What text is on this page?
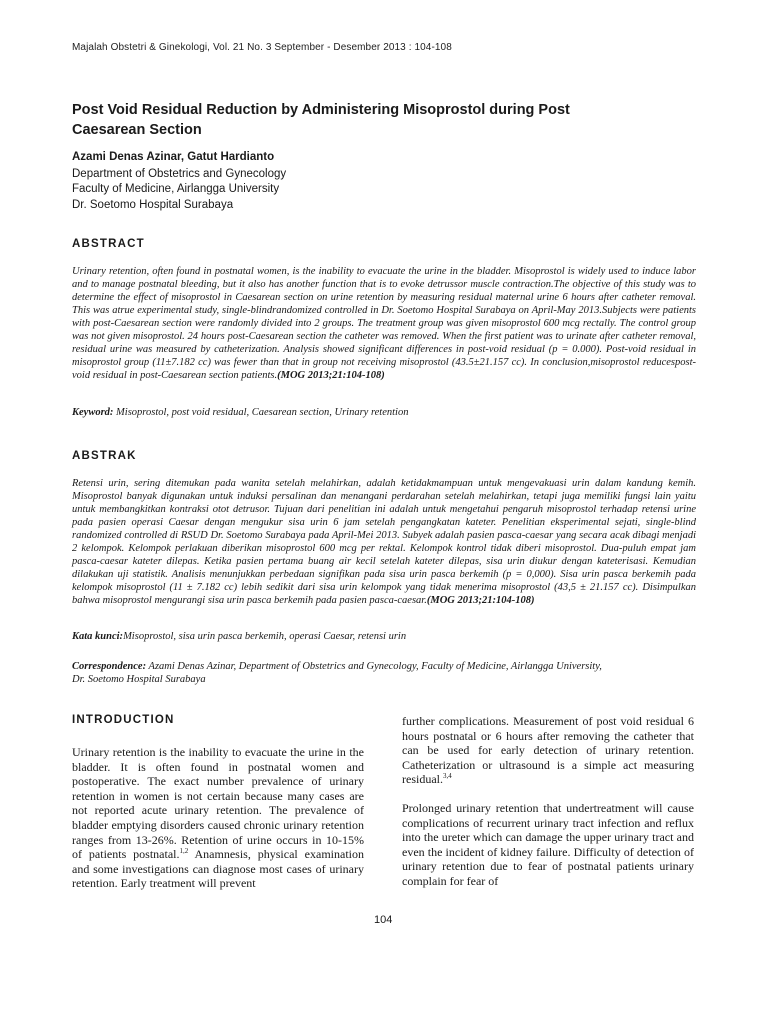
Majalah Obstetri & Ginekologi, Vol. 21 No. 3 September - Desember 2013 : 104-108
Post Void Residual Reduction by Administering Misoprostol during Post Caesarean Section
Azami Denas Azinar, Gatut Hardianto
Department of Obstetrics and Gynecology
Faculty of Medicine, Airlangga University
Dr. Soetomo Hospital Surabaya
ABSTRACT

Urinary retention, often found in postnatal women, is the inability to evacuate the urine in the bladder. Misoprostol is widely used to induce labor and to manage postnatal bleeding, but it also has another function that is to evoke detrussor muscle contraction.The objective of this study was to determine the effect of misoprostol in Caesarean section on urine retention by measuring residual maternal urine 6 hours after catheter removal. This was atrue experimental study, single-blindrandomized controlled in Dr. Soetomo Hospital Surabaya on April-May 2013.Subjects were patients with post-Caesarean section were randomly divided into 2 groups. The treatment group was given misoprostol 600 mcg rectally. The control group was not given misoprostol. 24 hours post-Caesarean section the catheter was removed. When the first patient was to urinate after catheter removal, residual urine was measured by catheterization. Analysis showed significant differences in post-void residual (p = 0.000). Post-void residual in misoprostol group (11±7.182 cc) was fewer than that in group not receiving misoprostol (43.5±21.157 cc). In conclusion,misoprostol reducespost-void residual in post-Caesarean section patients.(MOG 2013;21:104-108)

Keyword: Misoprostol, post void residual, Caesarean section, Urinary retention
ABSTRAK

Retensi urin, sering ditemukan pada wanita setelah melahirkan, adalah ketidakmampuan untuk mengevakuasi urin dalam kandung kemih. Misoprostol banyak digunakan untuk induksi persalinan dan menangani perdarahan setelah melahirkan, tetapi juga memiliki fungsi lain yaitu untuk membangkitkan kontraksi otot detrusor. Tujuan dari penelitian ini adalah untuk mengetahui pengaruh misoprostol terhadap retensi urine pada pasien operasi Caesar dengan mengukur sisa urin 6 jam setelah pengangkatan kateter. Penelitian eksperimental sejati, single-blind randomized controlled di RSUD Dr. Soetomo Surabaya pada April-Mei 2013. Subyek adalah pasien pasca-caesar yang secara acak dibagi menjadi 2 kelompok. Kelompok perlakuan diberikan misoprostol 600 mcg per rektal. Kelompok kontrol tidak diberi misoprostol. Dua-puluh empat jam pasca-caesar kateter dilepas. Ketika pasien pertama buang air kecil setelah kateter dilepas, sisa urin diukur dengan kateterisasi. Kemudian dilakukan uji statistik. Analisis menunjukkan perbedaan signifikan pada sisa urin pasca berkemih (p = 0,000). Sisa urin pasca berkemih pada kelompok misoprostol (11 ± 7.182 cc) lebih sedikit dari sisa urin kelompok yang tidak menerima misoprostol (43,5 ± 21.157 cc). Disimpulkan bahwa misoprostol mengurangi sisa urin pasca berkemih pada pasien pasca-caesar.(MOG 2013;21:104-108)

Kata kunci:Misoprostol, sisa urin pasca berkemih, operasi Caesar, retensi urin
Correspondence: Azami Denas Azinar, Department of Obstetrics and Gynecology, Faculty of Medicine, Airlangga University,
Dr. Soetomo Hospital Surabaya
INTRODUCTION

Urinary retention is the inability to evacuate the urine in the bladder. It is often found in postnatal women and postoperative. The exact number prevalence of urinary retention in women is not certain because many cases are not reported acute urinary retention. The prevalence of bladder emptying disorders caused chronic urinary retention ranges from 13-26%. Retention of urine occurs in 10-15% of patients postnatal.$^{1,2}$ Anamnesis, physical examination and some investigations can diagnose most cases of urinary retention. Early treatment will prevent

further complications. Measurement of post void residual 6 hours postnatal or 6 hours after removing the catheter that can be used for early detection of urinary retention. Catheterization or ultrasound is a simple act measuring residual.$^{3,4}$

Prolonged urinary retention that undertreatment will cause complications of recurrent urinary tract infection and reflux into the ureter which can damage the upper urinary tract and even the incident of kidney failure. Difficulty of detection of urinary retention due to fear of postnatal patients urinary complain for fear of

104
